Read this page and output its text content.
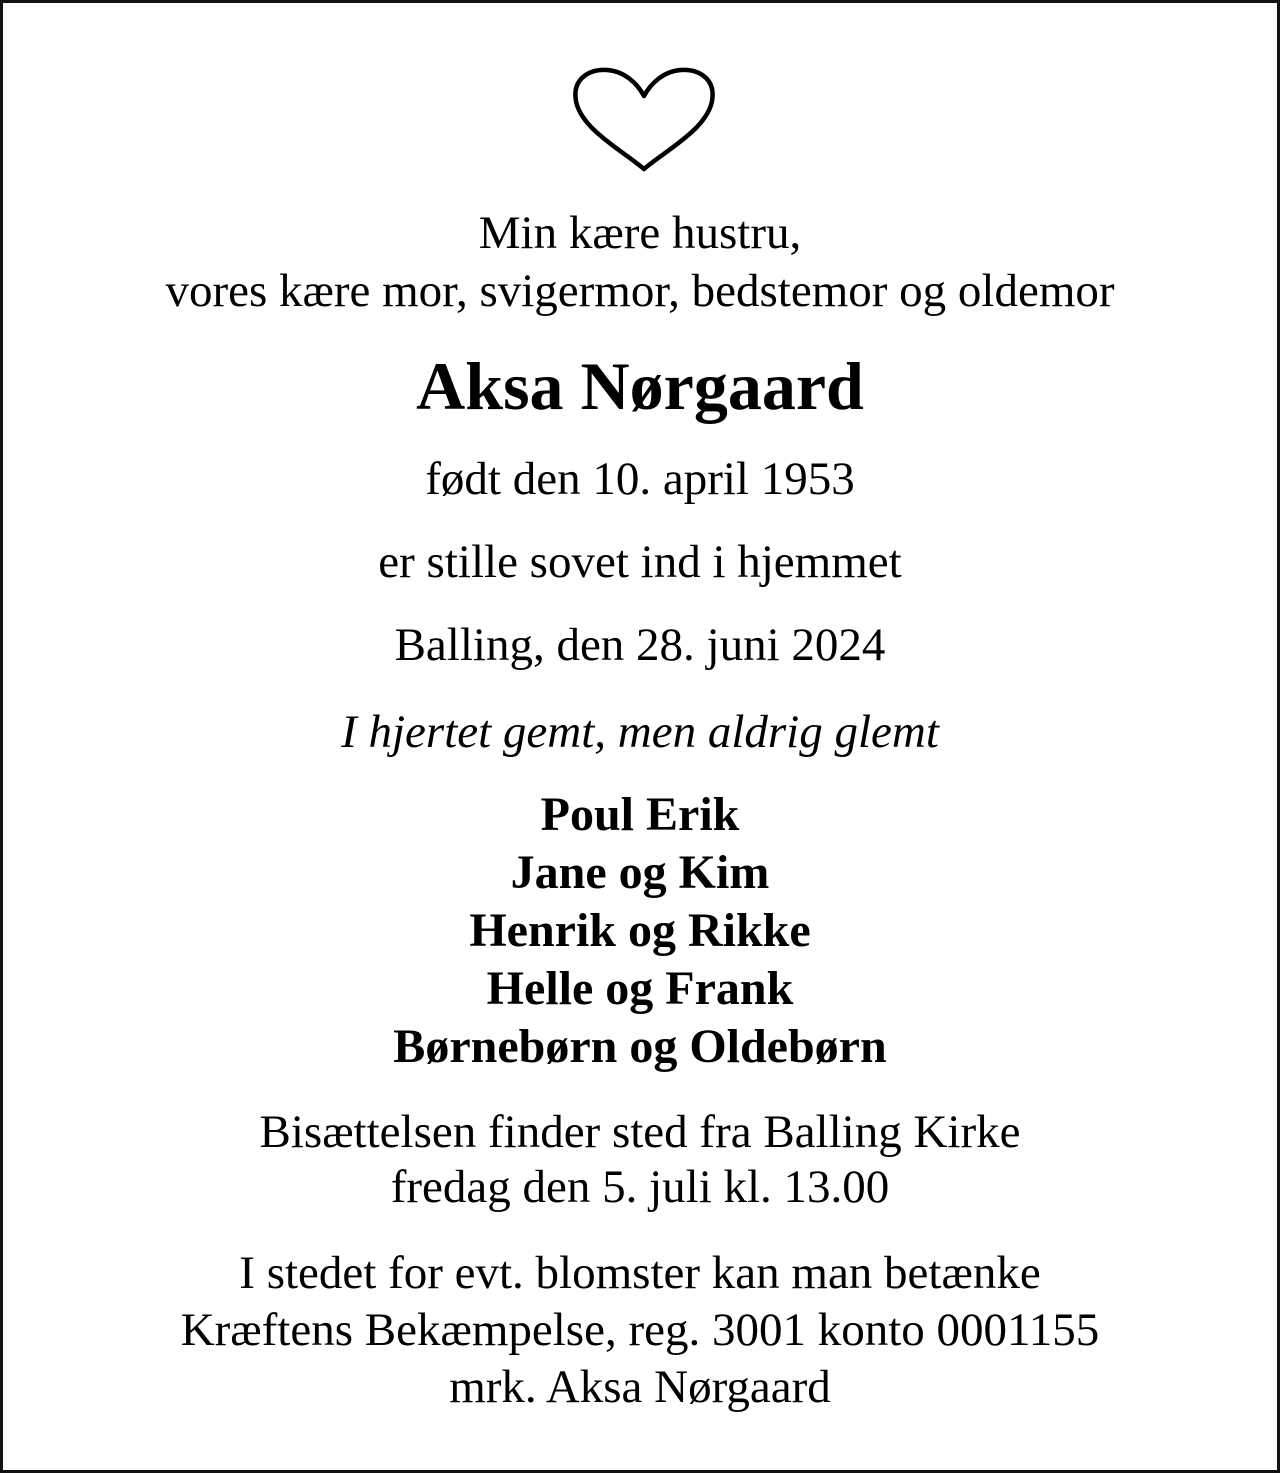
Min kære hustru,
vores kære mor, svigermor, bedstemor og oldemor
Aksa Nørgaard
født den 10. april 1953
er stille sovet ind i hjemmet
Balling, den 28. juni 2024
I hjertet gemt, men aldrig glemt
Poul Erik
Jane og Kim
Henrik og Rikke
Helle og Frank
Børnebørn og Oldebørn
Bisættelsen finder sted fra Balling Kirke
fredag den 5. juli kl. 13.00
I stedet for evt. blomster kan man betænke
Kræftens Bekæmpelse, reg. 3001 konto 0001155
mrk. Aksa Nørgaard
